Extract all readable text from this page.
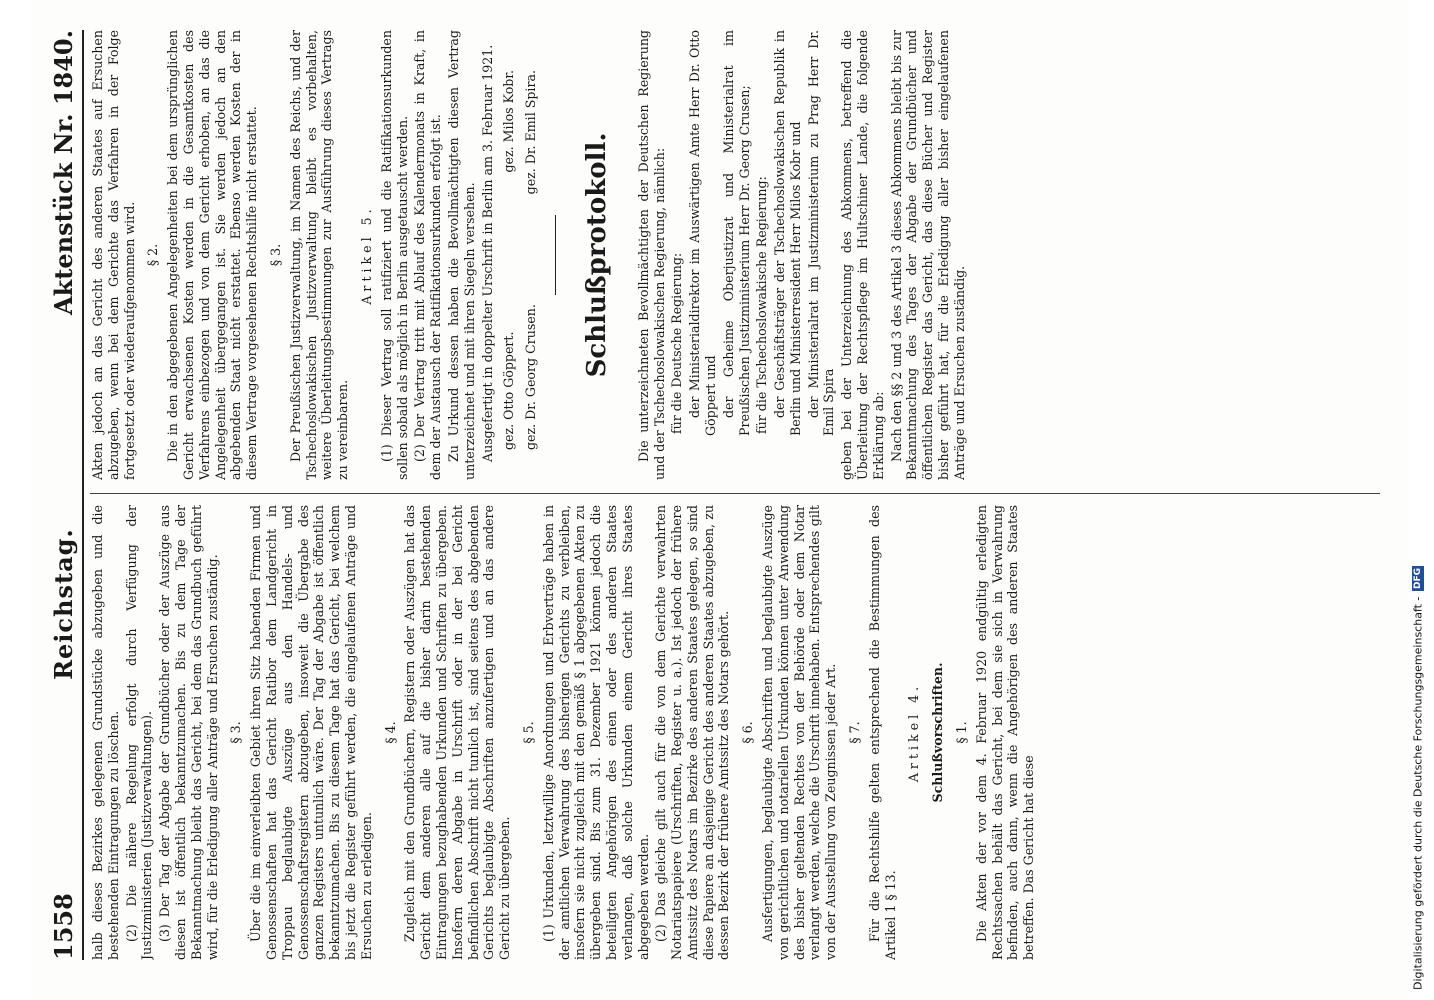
1558
Reichstag.
Aktenstück Nr. 1840.

halb dieses Bezirkes gelegenen Grundstücke abzugeben und die bestehenden Eintragungen zu löschen. (2) Die nähere Regelung erfolgt durch Verfügung der Justizministerien (Justizverwaltungen). (3) Der Tag der Abgabe der Grundbücher oder der Auszüge aus diesen ist öffentlich bekanntzumachen. Bis zu dem Tage der Bekanntmachung bleibt das Gericht, bei dem das Grundbuch geführt wird, für die Erledigung aller Anträge und Ersuchen zuständig. § 3. Über die im einverleibten Gebiet ihren Sitz habenden Firmen und Genossenschaften hat das Gericht Ratibor dem Landgericht in Troppau beglaubigte Auszüge aus den Handels- und Genossenschaftsregistern abzugeben, insoweit die Übergabe des ganzen Registers untunlich wäre. Der Tag der Abgabe ist öffentlich bekanntzumachen. Bis zu diesem Tage hat das Gericht, bei welchem bis jetzt die Register geführt werden, die eingelaufenen Anträge und Ersuchen zu erledigen.

§ 4. Zugleich mit den Grundbüchern, Registern oder Auszügen hat das Gericht dem anderen alle auf die bisher darin bestehenden Eintragungen bezughabenden Urkunden und Schriften zu übergeben. Insofern deren Abgabe in Urschrift oder in der bei Gericht befindlichen Abschrift nicht tunlich ist, sind seitens des abgebenden Gerichts beglaubigte Abschriften anzufertigen und an das andere Gericht zu übergeben.

§ 5. (1) Urkunden, letztwillige Anordnungen und Erbverträge haben in der amtlichen Verwahrung des bisherigen Gerichts zu verbleiben, insofern sie nicht zugleich mit den gemäß § 1 abgegebenen Akten zu übergeben sind. Bis zum 31. Dezember 1921 können jedoch die beteiligten Angehörigen des einen oder des anderen Staates verlangen, daß solche Urkunden einem Gericht ihres Staates abgegeben werden. (2) Das gleiche gilt auch für die von dem Gerichte verwahrten Notariatspapiere (Urschriften, Register u. a.). Ist jedoch der frühere Amtssitz des Notars im Bezirke des anderen Staates gelegen, so sind diese Papiere an dasjenige Gericht des anderen Staates abzugeben, zu dessen Bezirk der frühere Amtssitz des Notars gehört. § 6. Ausfertigungen, beglaubigte Abschriften und beglaubigte Auszüge von gerichtlichen und notariellen Urkunden können unter Anwendung des bisher geltenden Rechtes von der Behörde oder dem Notar verlangt werden, welche die Urschrift innehaben. Entsprechendes gilt von der Ausstellung von Zeugnissen jeder Art. § 7. Für die Rechtshilfe gelten entsprechend die Bestimmungen des Artikel 1 § 13.

Artikel 4. Schlußvorschriften. § 1. Die Akten der vor dem 4. Februar 1920 endgültig erledigten Rechtssachen behält das Gericht, bei dem sie sich in Verwahrung befinden, auch dann, wenn die Angehörigen des anderen Staates betreffen. Das Gericht hat diese

Akten jedoch an das Gericht des anderen Staates auf Ersuchen abzugeben, wenn bei dem Gerichte das Verfahren in der Folge fortgesetzt oder wiederaufgenommen wird. § 2. Die in den abgegebenen Angelegenheiten bei dem ursprünglichen Gericht erwachsenen Kosten werden in die Gesamtkosten des Verfahrens einbezogen und von dem Gericht erhoben, an das die Angelegenheit übergegangen ist. Sie werden jedoch an den abgebenden Staat nicht erstattet. Ebenso werden Kosten der in diesem Vertrage vorgesehenen Rechtshilfe nicht erstattet. § 3. Der Preußischen Justizverwaltung, im Namen des Reichs, und der Tschechoslowakischen Justizverwaltung bleibt es vorbehalten, weitere Überleitungsbestimmungen zur Ausführung dieses Vertrags zu vereinbaren.

Artikel 5. (1) Dieser Vertrag soll ratifiziert und die Ratifikationsurkunden sollen sobald als möglich in Berlin ausgetauscht werden. (2) Der Vertrag tritt mit Ablauf des Kalendermonats in Kraft, in dem der Austausch der Ratifikationsurkunden erfolgt ist. Zu Urkund dessen haben die Bevollmächtigten diesen Vertrag unterzeichnet und mit ihren Siegeln versehen. Ausgefertigt in doppelter Urschrift in Berlin am 3. Februar 1921. gez. Otto Göppert.
gez. Milos Kobr.
gez. Dr. Georg Crusen.
gez. Dr. Emil Spira.
Schlußprotokoll. Die unterzeichneten Bevollmächtigten der Deutschen Regierung und der Tschechoslowakischen Regierung, nämlich: für die Deutsche Regierung: der Ministerialdirektor im Auswärtigen Amte Herr Dr. Otto Göppert und der Geheime Oberjustizrat und Ministerialrat im Preußischen Justizministerium Herr Dr. Georg Crusen; für die Tschechoslowakische Regierung: der Geschäftsträger der Tschechoslowakischen Republik in Berlin und Ministerresident Herr Milos Kobr und der Ministerialrat im Justizministerium zu Prag Herr Dr. Emil Spira geben bei der Unterzeichnung des Abkommens, betreffend die Überleitung der Rechtspflege im Hultschiner Lande, die folgende Erklärung ab: Nach den §§ 2 und 3 des Artikel 3 dieses Abkommens bleibt bis zur Bekanntmachung des Tages der Abgabe der Grundbücher und öffentlichen Register das Gericht, das diese Bücher und Register bisher geführt hat, für die Erledigung aller bisher eingelaufenen Anträge und Ersuchen zuständig.

Digitalisierung gefördert durch die Deutsche Forschungsgemeinschaft -
DFG
